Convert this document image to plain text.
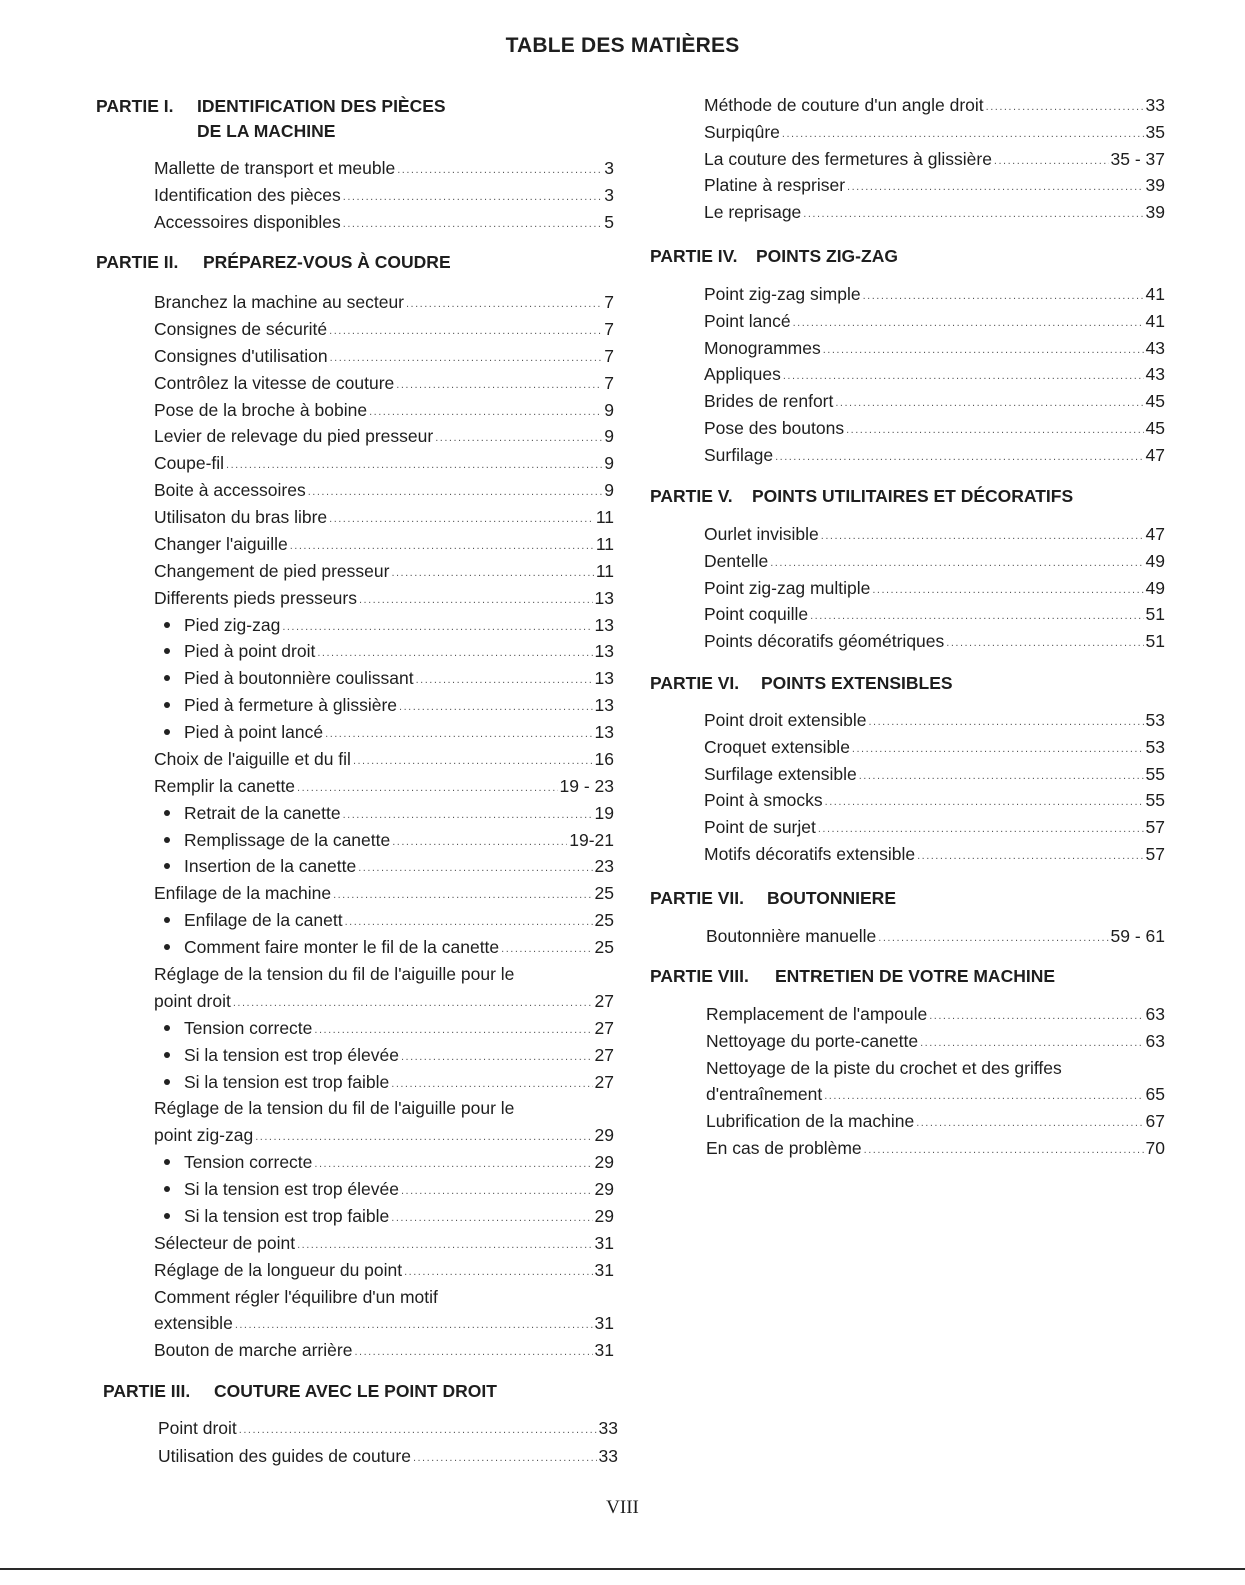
TABLE DES MATIÈRES
PARTIE I. IDENTIFICATION DES PIÈCES
DE LA MACHINE
Mallette de transport et meuble .....	3
Identification des pièces .....	3
Accessoires disponibles .....	5
PARTIE II. PRÉPAREZ-VOUS À COUDRE
Branchez la machine au secteur .....	7
Consignes de sécurité .....	7
Consignes d'utilisation .....	7
Contrôlez la vitesse de couture .....	7
Pose de la broche à bobine .....	9
Levier de relevage du pied presseur .....	9
Coupe-fil .....	9
Boite à accessoires .....	9
Utilisaton du bras libre .....	11
Changer l'aiguille .....	11
Changement de pied presseur .....	11
Differents pieds presseurs .....	13
Pied zig-zag .....	13
Pied à point droit .....	13
Pied à boutonnière coulissant .....	13
Pied à fermeture à glissière .....	13
Pied à point lancé .....	13
Choix de l'aiguille et du fil .....	16
Remplir la canette .....	19 - 23
Retrait de la canette .....	19
Remplissage de la canette .....	19-21
Insertion de la canette .....	23
Enfilage de la machine .....	25
Enfilage de la canett .....	25
Comment faire monter le fil de la canette .....	25
Réglage de la tension du fil de l'aiguille pour le
point droit .....	27
Tension correcte .....	27
Si la tension est trop élevée .....	27
Si la tension est trop faible .....	27
Réglage de la tension du fil de l'aiguille pour le
point zig-zag .....	29
Tension correcte .....	29
Si la tension est trop élevée .....	29
Si la tension est trop faible .....	29
Sélecteur de point .....	31
Réglage de la longueur du point .....	31
Comment régler l'équilibre d'un motif
extensible .....	31
Bouton de marche arrière .....	31
PARTIE III. COUTURE AVEC LE POINT DROIT
Point droit .....	33
Utilisation des guides de couture .....	33
Méthode de couture d'un angle droit .....	33
Surpiqûre .....	35
La couture des fermetures à glissière .....	35 - 37
Platine à respriser .....	39
Le reprisage .....	39
PARTIE IV. POINTS ZIG-ZAG
Point zig-zag simple .....	41
Point lancé .....	41
Monogrammes .....	43
Appliques .....	43
Brides de renfort .....	45
Pose des boutons .....	45
Surfilage .....	47
PARTIE V. POINTS UTILITAIRES ET DÉCORATIFS
Ourlet invisible .....	47
Dentelle .....	49
Point zig-zag multiple .....	49
Point coquille .....	51
Points décoratifs géométriques .....	51
PARTIE VI. POINTS EXTENSIBLES
Point droit extensible .....	53
Croquet extensible .....	53
Surfilage extensible .....	55
Point à smocks .....	55
Point de surjet .....	57
Motifs décoratifs extensible .....	57
PARTIE VII. BOUTONNIERE
Boutonnière manuelle .....	59 - 61
PARTIE VIII. ENTRETIEN DE VOTRE MACHINE
Remplacement de l'ampoule .....	63
Nettoyage du porte-canette .....	63
Nettoyage de la piste du crochet et des griffes
d'entraînement .....	65
Lubrification de la machine .....	67
En cas de problème .....	70
VIII
